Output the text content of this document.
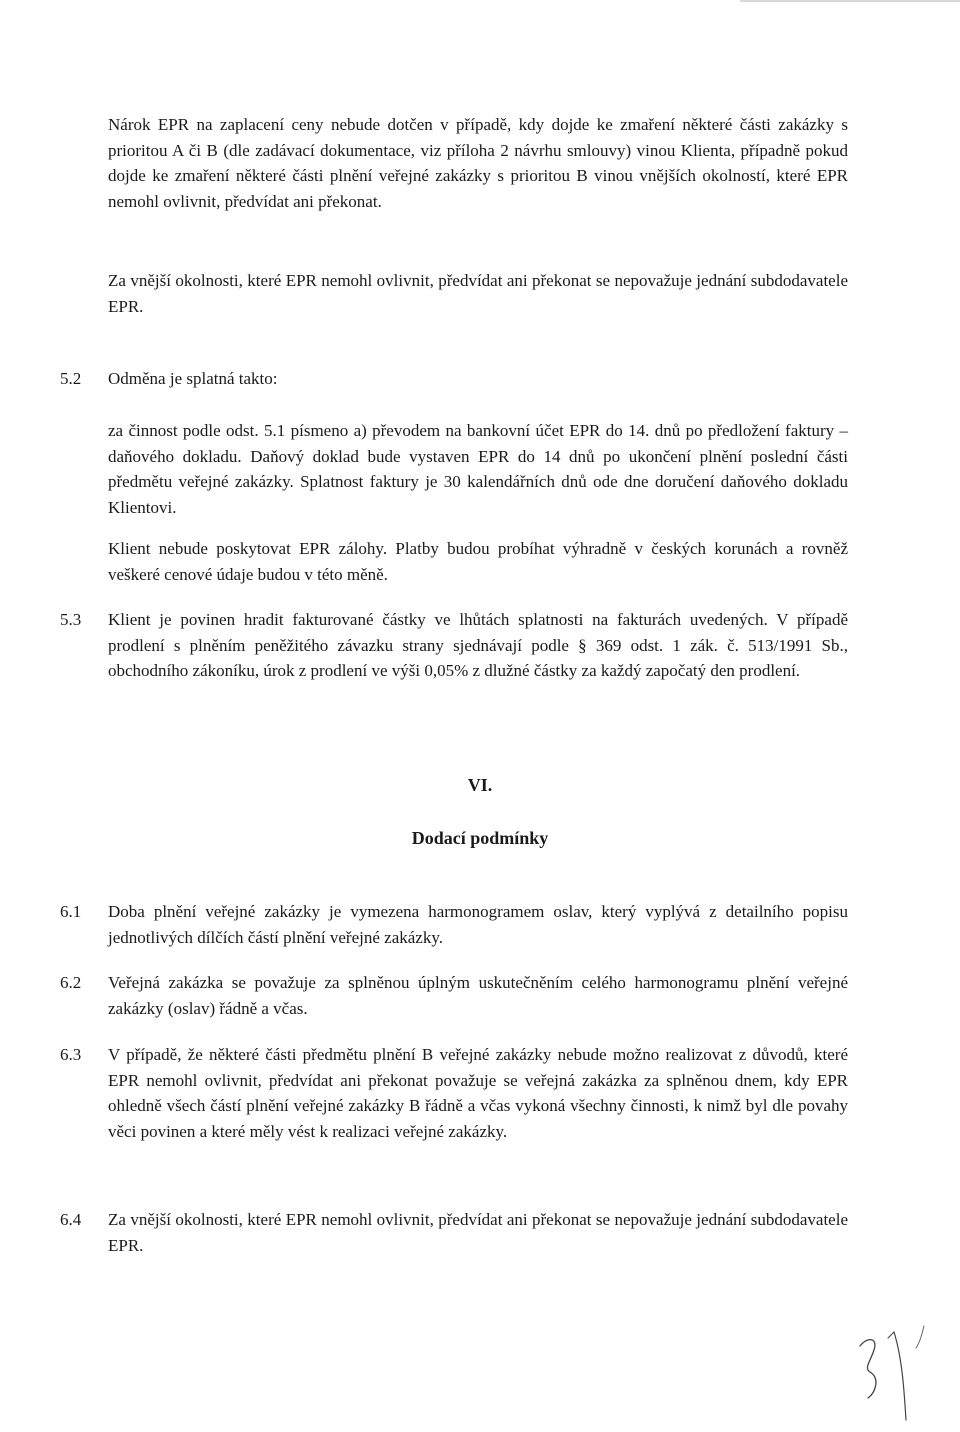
Nárok EPR na zaplacení ceny nebude dotčen v případě, kdy dojde ke zmaření některé části zakázky s prioritou A či B (dle zadávací dokumentace, viz příloha 2 návrhu smlouvy) vinou Klienta, případně pokud dojde ke zmaření některé části plnění veřejné zakázky s prioritou B vinou vnějších okolností, které EPR nemohl ovlivnit, předvídat ani překonat.

Za vnější okolnosti, které EPR nemohl ovlivnit, předvídat ani překonat se nepovažuje jednání subdodavatele EPR.

5.2	Odměna je splatná takto:

za činnost podle odst. 5.1 písmeno a) převodem na bankovní účet EPR do 14. dnů po předložení faktury – daňového dokladu. Daňový doklad bude vystaven EPR do 14 dnů po ukončení plnění poslední části předmětu veřejné zakázky. Splatnost faktury je 30 kalendářních dnů ode dne doručení daňového dokladu Klientovi.

Klient nebude poskytovat EPR zálohy. Platby budou probíhat výhradně v českých korunách a rovněž veškeré cenové údaje budou v této měně.

5.3	Klient je povinen hradit fakturované částky ve lhůtách splatnosti na fakturách uvedených. V případě prodlení s plněním peněžitého závazku strany sjednávají podle § 369 odst. 1 zák. č. 513/1991 Sb., obchodního zákoníku, úrok z prodlení ve výši 0,05% z dlužné částky za každý započatý den prodlení.
VI.
Dodací podmínky
6.1	Doba plnění veřejné zakázky je vymezena harmonogramem oslav, který vyplývá z detailního popisu jednotlivých dílčích částí plnění veřejné zakázky.
6.2	Veřejná zakázka se považuje za splněnou úplným uskutečněním celého harmonogramu plnění veřejné zakázky (oslav) řádně a včas.
6.3	V případě, že některé části předmětu plnění B veřejné zakázky nebude možno realizovat z důvodů, které EPR nemohl ovlivnit, předvídat ani překonat považuje se veřejná zakázka za splněnou dnem, kdy EPR ohledně všech částí plnění veřejné zakázky B řádně a včas vykoná všechny činnosti, k nimž byl dle povahy věci povinen a které měly vést k realizaci veřejné zakázky.
6.4	Za vnější okolnosti, které EPR nemohl ovlivnit, předvídat ani překonat se nepovažuje jednání subdodavatele EPR.
